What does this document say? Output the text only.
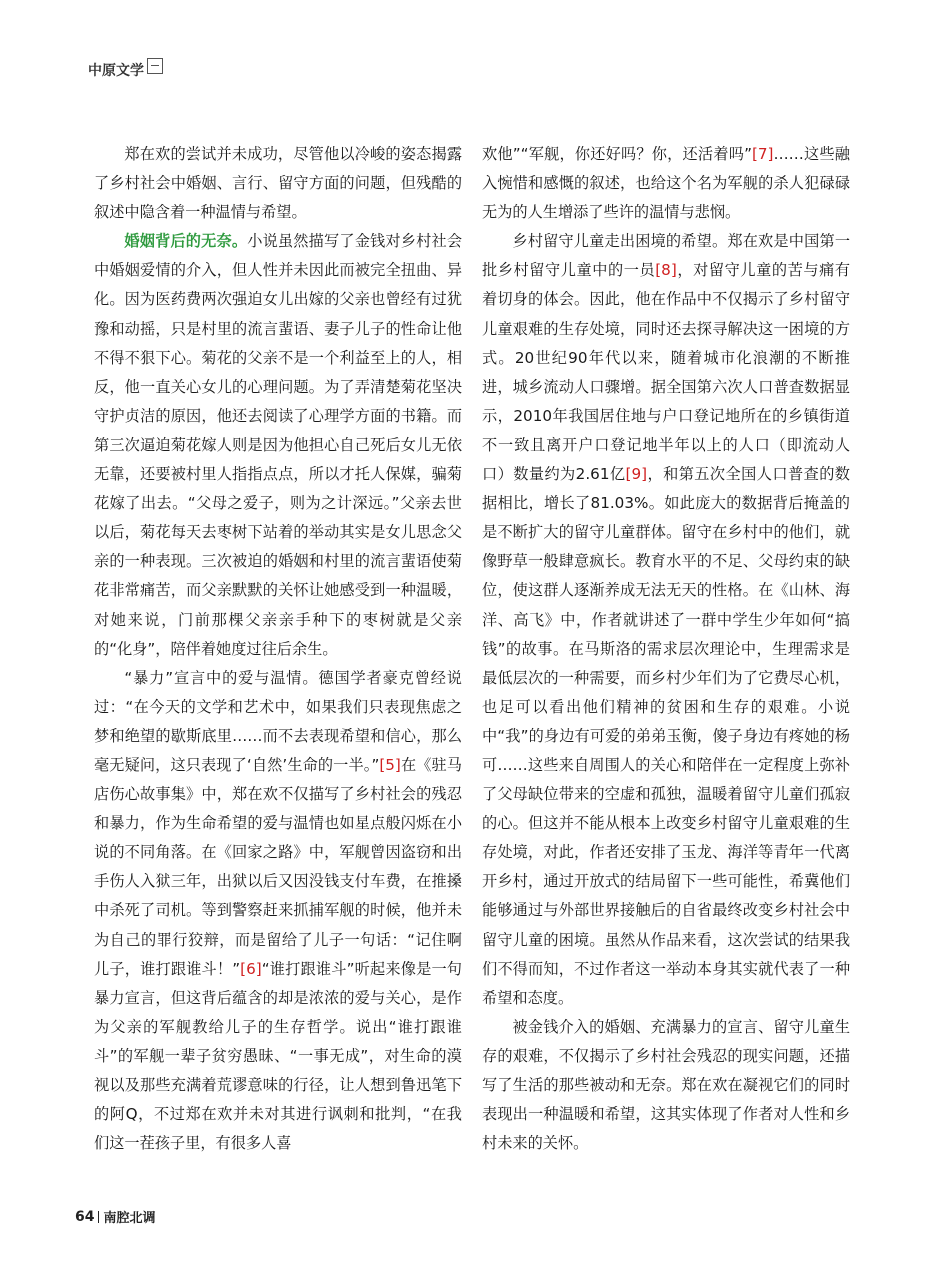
中原文学

郑在欢的尝试并未成功，尽管他以冷峻的姿态揭露了乡村社会中婚姻、言行、留守方面的问题，但残酷的叙述中隐含着一种温情与希望。

婚姻背后的无奈。小说虽然描写了金钱对乡村社会中婚姻爱情的介入，但人性并未因此而被完全扭曲、异化。因为医药费两次强迫女儿出嫁的父亲也曾经有过犹豫和动摇，只是村里的流言蜚语、妻子儿子的性命让他不得不狠下心。菊花的父亲不是一个利益至上的人，相反，他一直关心女儿的心理问题。为了弄清楚菊花坚决守护贞洁的原因，他还去阅读了心理学方面的书籍。而第三次逼迫菊花嫁人则是因为他担心自己死后女儿无依无靠，还要被村里人指指点点，所以才托人保媒，骗菊花嫁了出去。“父母之爱子，则为之计深远。”父亲去世以后，菊花每天去枣树下站着的举动其实是女儿思念父亲的一种表现。三次被迫的婚姻和村里的流言蜚语使菊花非常痛苦，而父亲默默的关怀让她感受到一种温暖，对她来说，门前那棵父亲亲手种下的枣树就是父亲的“化身”，陪伴着她度过往后余生。

“暴力”宣言中的爱与温情。德国学者豪克曾经说过：“在今天的文学和艺术中，如果我们只表现焦虑之梦和绝望的歇斯底里……而不去表现希望和信心，那么毫无疑问，这只表现了‘自然’生命的一半。”[5]在《驻马店伤心故事集》中，郑在欢不仅描写了乡村社会的残忍和暴力，作为生命希望的爱与温情也如星点般闪烁在小说的不同角落。在《回家之路》中，军舰曾因盗窃和出手伤人入狱三年，出狱以后又因没钱支付车费，在推搡中杀死了司机。等到警察赶来抓捕军舰的时候，他并未为自己的罪行狡辩，而是留给了儿子一句话：“记住啊儿子，谁打跟谁斗！”[6]“谁打跟谁斗”听起来像是一句暴力宣言，但这背后蕴含的却是浓浓的爱与关心，是作为父亲的军舰教给儿子的生存哲学。说出“谁打跟谁斗”的军舰一辈子贫穷愚昧、“一事无成”，对生命的漠视以及那些充满着荒谬意味的行径，让人想到鲁迅笔下的阿Q，不过郑在欢并未对其进行讽刺和批判，“在我们这一茬孩子里，有很多人喜

欢他”“军舰，你还好吗？你，还活着吗”[7]……这些融入惋惜和感慨的叙述，也给这个名为军舰的杀人犯碌碌无为的人生增添了些许的温情与悲悯。

乡村留守儿童走出困境的希望。郑在欢是中国第一批乡村留守儿童中的一员[8]，对留守儿童的苦与痛有着切身的体会。因此，他在作品中不仅揭示了乡村留守儿童艰难的生存处境，同时还去探寻解决这一困境的方式。20世纪90年代以来，随着城市化浪潮的不断推进，城乡流动人口骤增。据全国第六次人口普查数据显示，2010年我国居住地与户口登记地所在的乡镇街道不一致且离开户口登记地半年以上的人口（即流动人口）数量约为2.61亿[9]，和第五次全国人口普查的数据相比，增长了81.03%。如此庞大的数据背后掩盖的是不断扩大的留守儿童群体。留守在乡村中的他们，就像野草一般肆意疯长。教育水平的不足、父母约束的缺位，使这群人逐渐养成无法无天的性格。在《山林、海洋、高飞》中，作者就讲述了一群中学生少年如何“搞钱”的故事。在马斯洛的需求层次理论中，生理需求是最低层次的一种需要，而乡村少年们为了它费尽心机，也足可以看出他们精神的贫困和生存的艰难。小说中“我”的身边有可爱的弟弟玉衡，傻子身边有疼她的杨可……这些来自周围人的关心和陪伴在一定程度上弥补了父母缺位带来的空虚和孤独，温暖着留守儿童们孤寂的心。但这并不能从根本上改变乡村留守儿童艰难的生存处境，对此，作者还安排了玉龙、海洋等青年一代离开乡村，通过开放式的结局留下一些可能性，希冀他们能够通过与外部世界接触后的自省最终改变乡村社会中留守儿童的困境。虽然从作品来看，这次尝试的结果我们不得而知，不过作者这一举动本身其实就代表了一种希望和态度。

被金钱介入的婚姻、充满暴力的宣言、留守儿童生存的艰难，不仅揭示了乡村社会残忍的现实问题，还描写了生活的那些被动和无奈。郑在欢在凝视它们的同时表现出一种温暖和希望，这其实体现了作者对人性和乡村未来的关怀。

64 南腔北调
